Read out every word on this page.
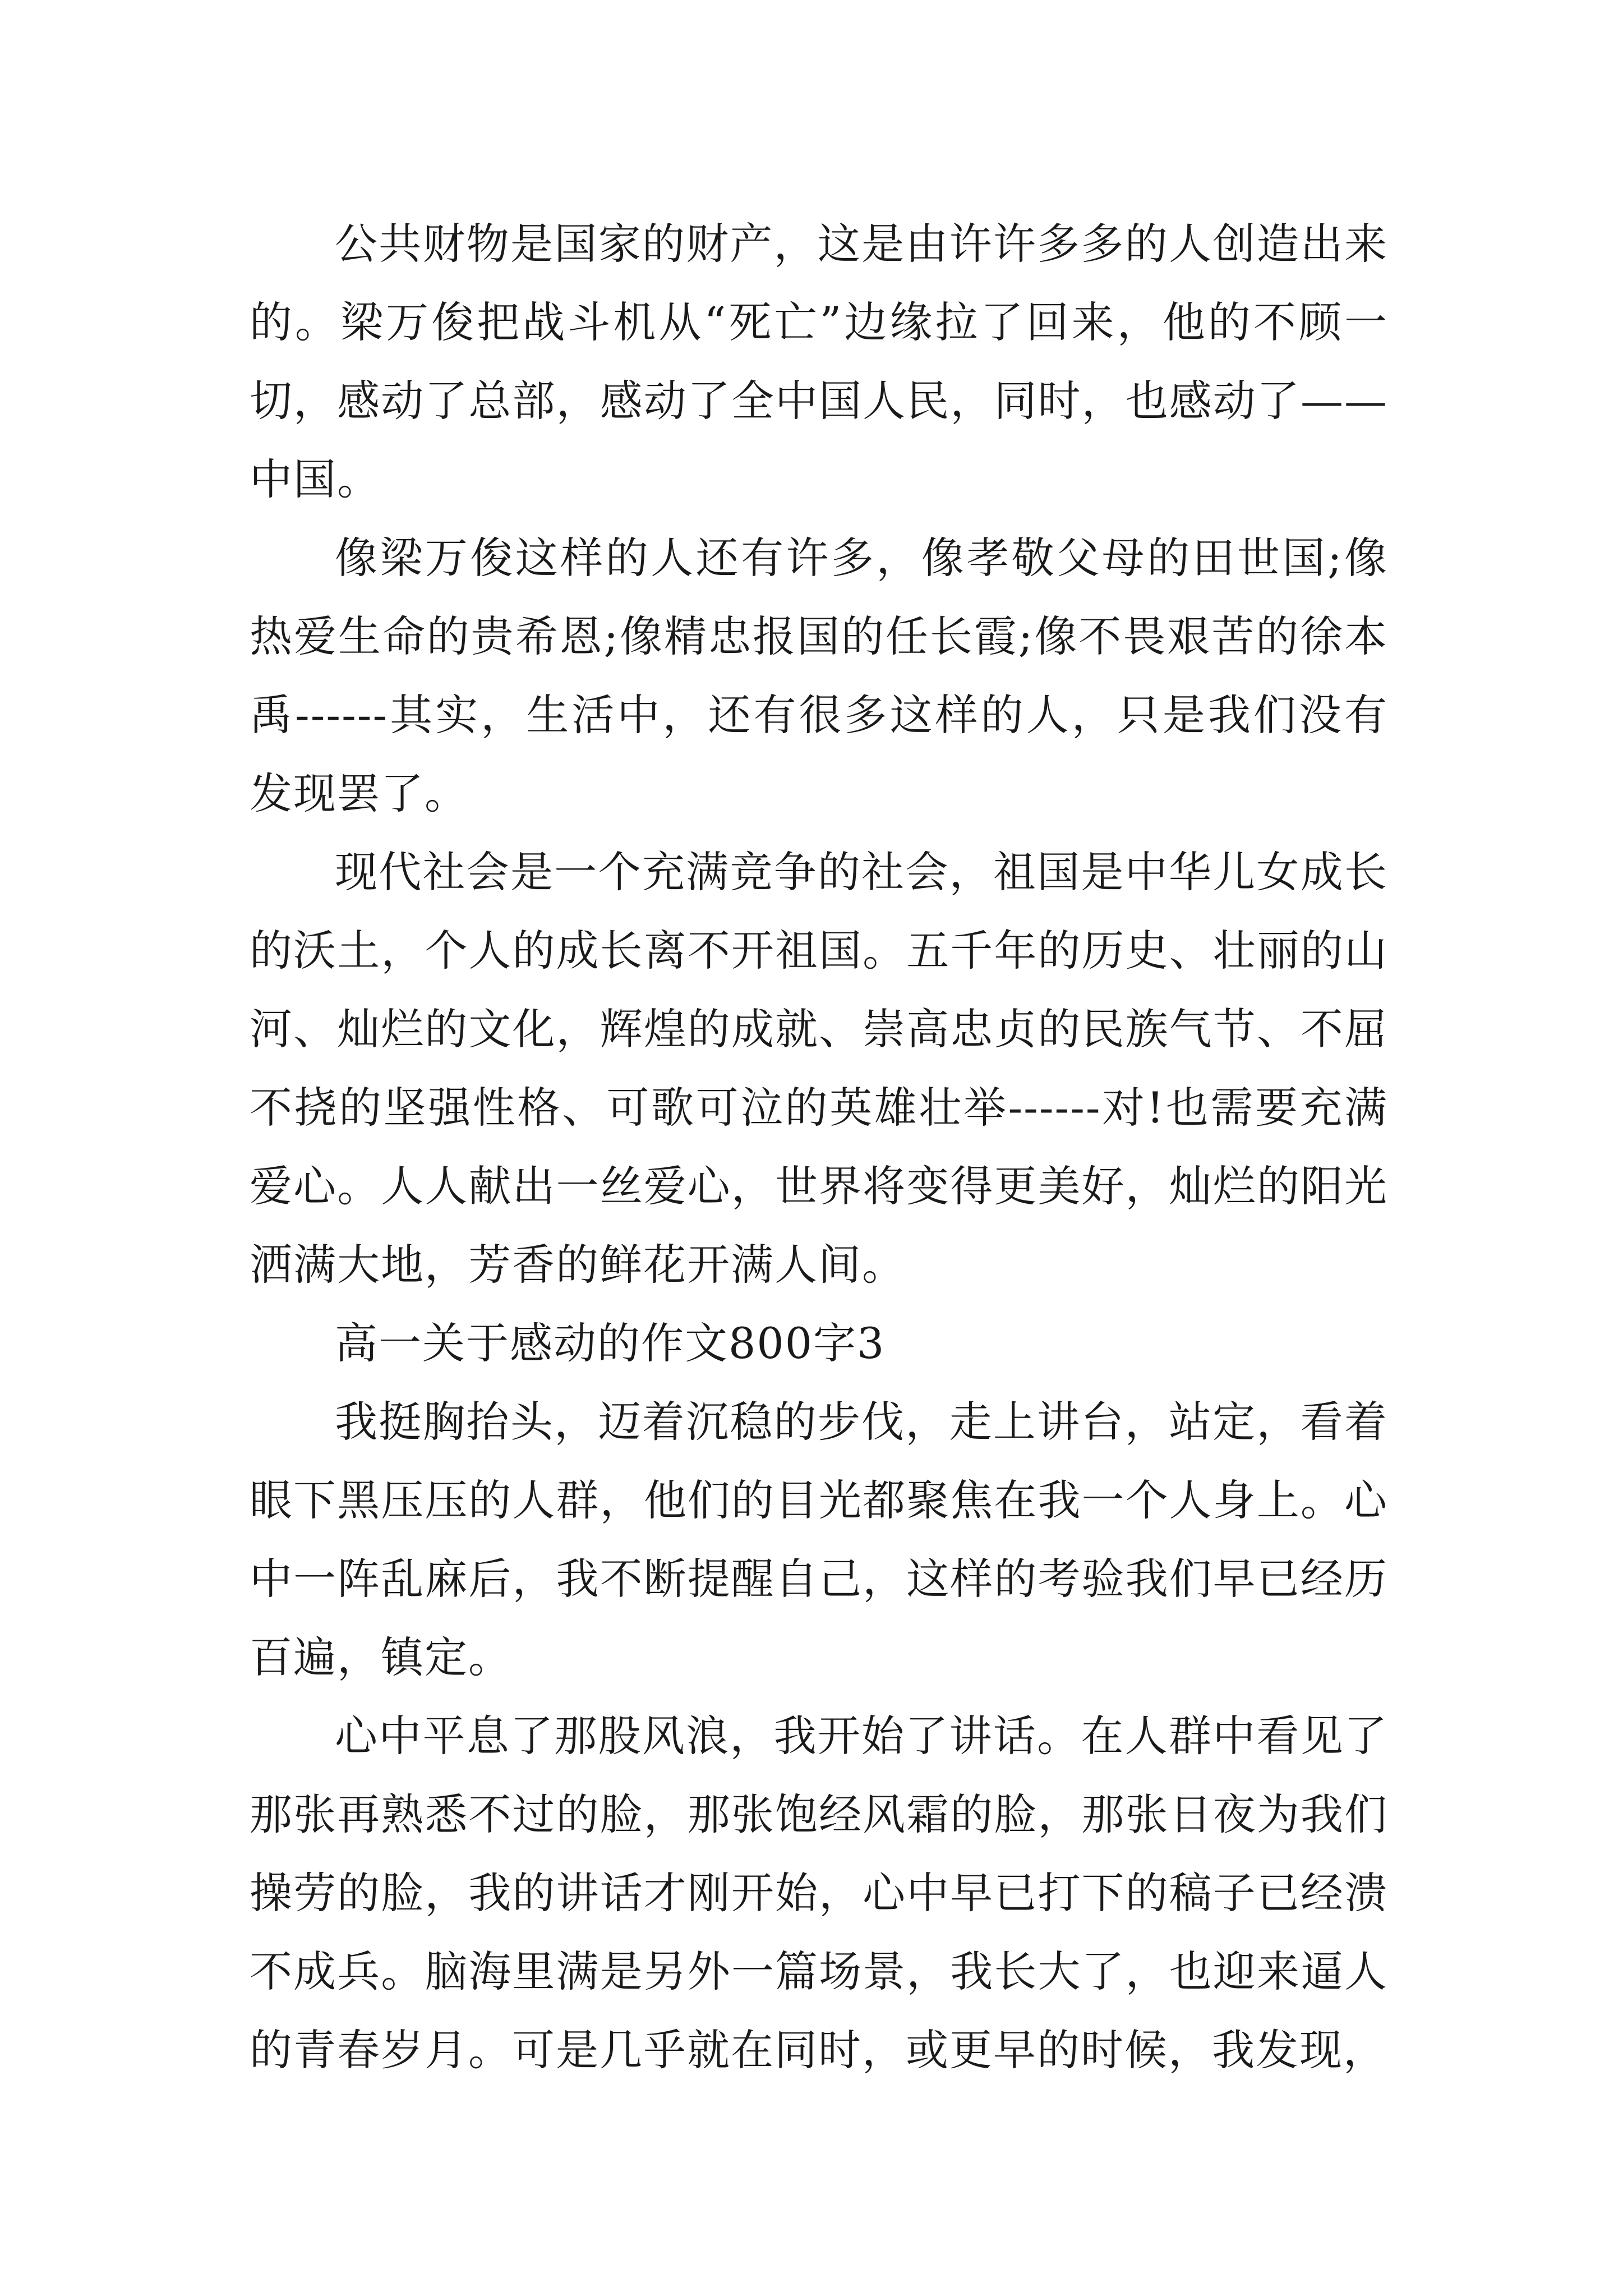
公共财物是国家的财产，这是由许许多多的人创造出来的。梁万俊把战斗机从“死亡”边缘拉了回来，他的不顾一切，感动了总部，感动了全中国人民，同时，也感动了——中国。

像梁万俊这样的人还有许多，像孝敬父母的田世国;像热爱生命的贵希恩;像精忠报国的任长霞;像不畏艰苦的徐本禹------其实，生活中，还有很多这样的人，只是我们没有发现罢了。

现代社会是一个充满竞争的社会，祖国是中华儿女成长的沃土，个人的成长离不开祖国。五千年的历史、壮丽的山河、灿烂的文化，辉煌的成就、崇高忠贞的民族气节、不屈不挠的坚强性格、可歌可泣的英雄壮举------对!也需要充满爱心。人人献出一丝爱心，世界将变得更美好，灿烂的阳光洒满大地，芳香的鲜花开满人间。

高一关于感动的作文800字3

我挺胸抬头，迈着沉稳的步伐，走上讲台，站定，看着眼下黑压压的人群，他们的目光都聚焦在我一个人身上。心中一阵乱麻后，我不断提醒自己，这样的考验我们早已经历百遍，镇定。

心中平息了那股风浪，我开始了讲话。在人群中看见了那张再熟悉不过的脸，那张饱经风霜的脸，那张日夜为我们操劳的脸，我的讲话才刚开始，心中早已打下的稿子已经溃不成兵。脑海里满是另外一篇场景，我长大了，也迎来逼人的青春岁月。可是几乎就在同时，或更早的时候，我发现，
